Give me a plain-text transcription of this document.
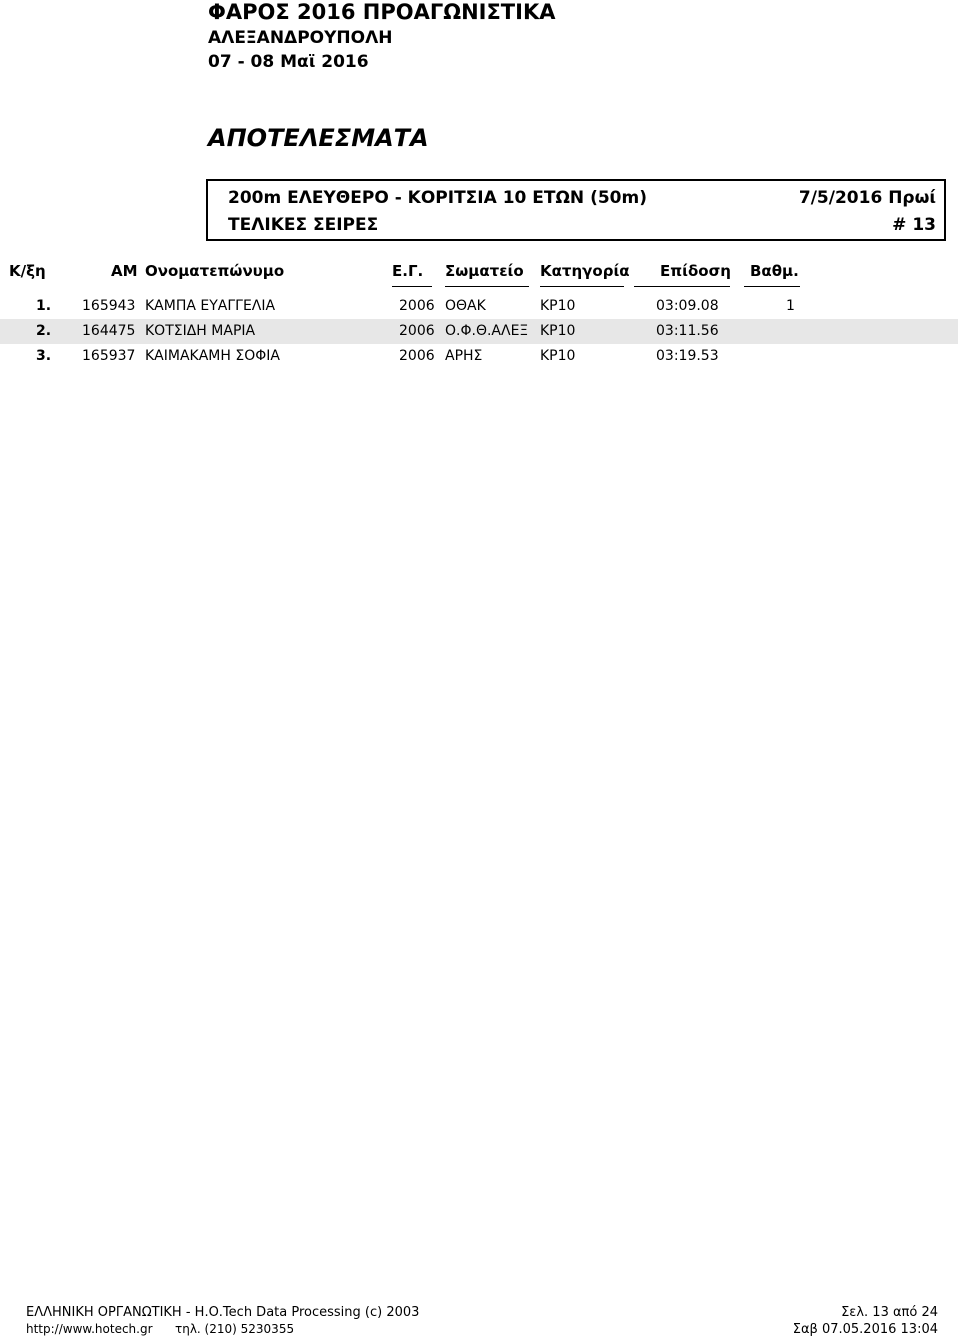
ΦΑΡΟΣ 2016 ΠΡΟΑΓΩΝΙΣΤΙΚΑ
ΑΛΕΞΑΝΔΡΟΥΠΟΛΗ
07 - 08 Μαϊ 2016
ΑΠΟΤΕΛΕΣΜΑΤΑ
200m ΕΛΕΥΘΕΡΟ - ΚΟΡΙΤΣΙΑ 10 ΕΤΩΝ (50m)	7/5/2016 Πρωί
ΤΕΛΙΚΕΣ ΣΕΙΡΕΣ	# 13
Κ/ξη	ΑΜ Ονοματεπώνυμο	Ε.Γ. Σωματείο Κατηγορία Επίδοση Βαθμ.
1. 165943 ΚΑΜΠΑ ΕΥΑΓΓΕΛΙΑ	2006 ΟΘΑΚ	ΚΡ10	03:09.08	1
2. 164475 ΚΟΤΣΙΔΗ ΜΑΡΙΑ	2006 Ο.Φ.Θ.ΑΛΕΞ ΚΡ10	03:11.56
3. 165937 ΚΑΙΜΑΚΑΜΗ ΣΟΦΙΑ	2006 ΑΡΗΣ	ΚΡ10	03:19.53
ΕΛΛΗΝΙΚΗ ΟΡΓΑΝΩΤΙΚΗ - Η.Ο.Tech Data Processing (c) 2003
http://www.hotech.gr τηλ. (210) 5230355
Σελ. 13 από 24
Σαβ 07.05.2016 13:04
